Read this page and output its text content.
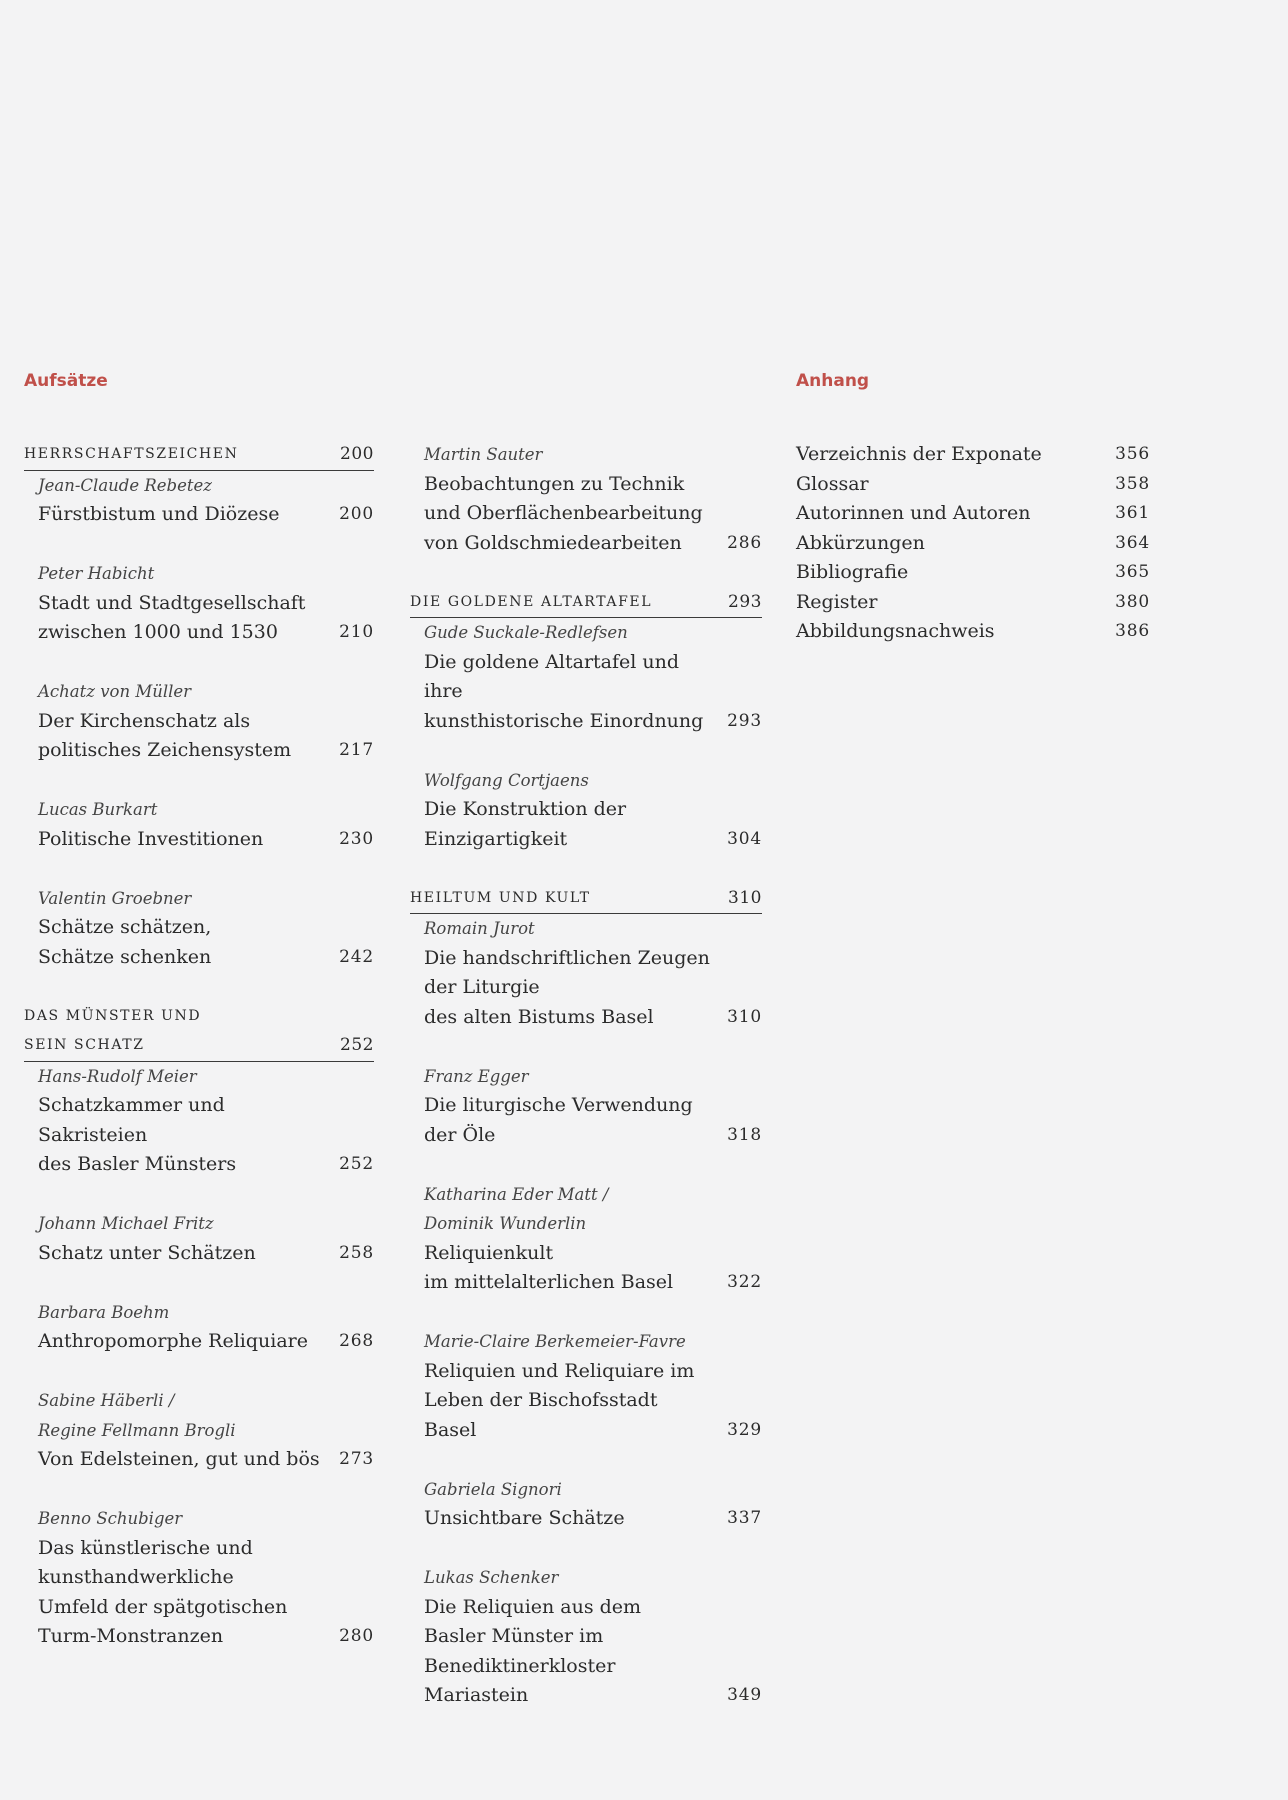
Aufsätze
HERRSCHAFTSZEICHEN	200
Jean-Claude Rebetez
Fürstbistum und Diözese	200
Peter Habicht
Stadt und Stadtgesellschaft
zwischen 1000 und 1530	210
Achatz von Müller
Der Kirchenschatz als
politisches Zeichensystem	217
Lucas Burkart
Politische Investitionen	230
Valentin Groebner
Schätze schätzen,
Schätze schenken	242
DAS MÜNSTER UND
SEIN SCHATZ	252
Hans-Rudolf Meier
Schatzkammer und Sakristeien
des Basler Münsters	252
Johann Michael Fritz
Schatz unter Schätzen	258
Barbara Boehm
Anthropomorphe Reliquiare	268
Sabine Häberli /
Regine Fellmann Brogli
Von Edelsteinen, gut und bös 273
Benno Schubiger
Das künstlerische und
kunsthandwerkliche
Umfeld der spätgotischen
Turm-Monstranzen	280
Martin Sauter
Beobachtungen zu Technik
und Oberflächenbearbeitung
von Goldschmiedearbeiten	286
DIE GOLDENE ALTARTAFEL	293
Gude Suckale-Redlefsen
Die goldene Altartafel und ihre
kunsthistorische Einordnung	293
Wolfgang Cortjaens
Die Konstruktion der
Einzigartigkeit	304
HEILTUM UND KULT	310
Romain Jurot
Die handschriftlichen Zeugen
der Liturgie
des alten Bistums Basel	310
Franz Egger
Die liturgische Verwendung
der Öle	318
Katharina Eder Matt /
Dominik Wunderlin
Reliquienkult
im mittelalterlichen Basel	322
Marie-Claire Berkemeier-Favre
Reliquien und Reliquiare im
Leben der Bischofsstadt Basel	329
Gabriela Signori
Unsichtbare Schätze	337
Lukas Schenker
Die Reliquien aus dem
Basler Münster im
Benediktinerkloster Mariastein	349
Anhang
Verzeichnis der Exponate	356
Glossar	358
Autorinnen und Autoren	361
Abkürzungen	364
Bibliografie	365
Register	380
Abbildungsnachweis	386
